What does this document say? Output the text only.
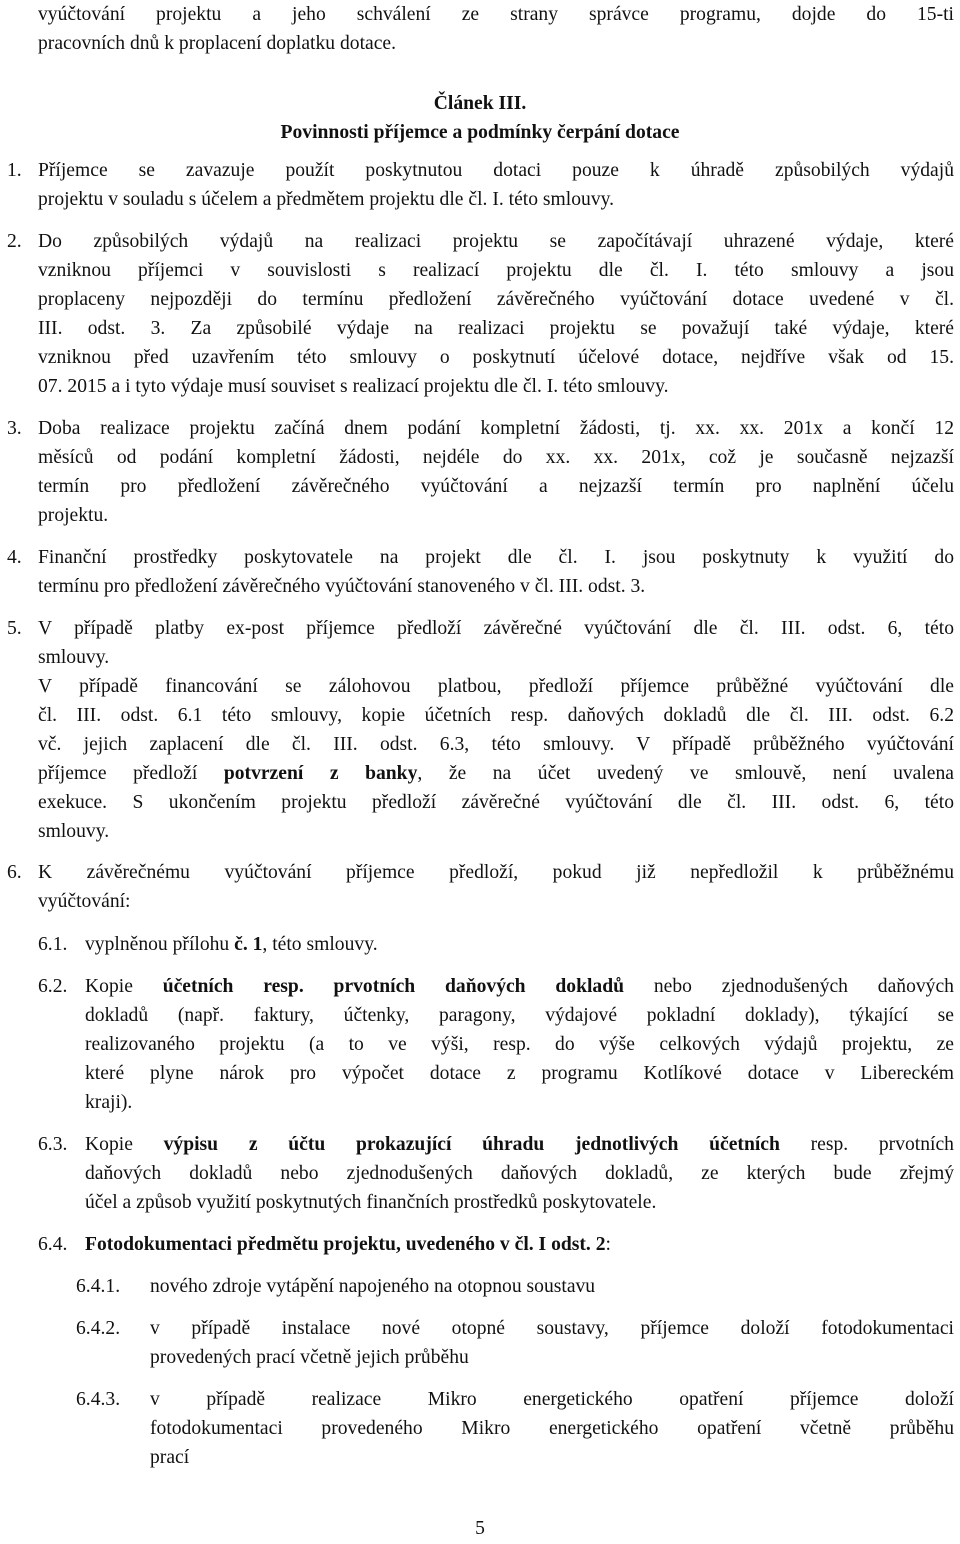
vyúčtování projektu a jeho schválení ze strany správce programu, dojde do 15-ti
pracovních dnů k proplacení doplatku dotace.
Článek III.
Povinnosti příjemce a podmínky čerpání dotace
1. Příjemce se zavazuje použít poskytnutou dotaci pouze k úhradě způsobilých výdajů
projektu v souladu s účelem a předmětem projektu dle čl. I. této smlouvy.
2. Do způsobilých výdajů na realizaci projektu se započítávají uhrazené výdaje, které
vzniknou příjemci v souvislosti s realizací projektu dle čl. I. této smlouvy a jsou
proplaceny nejpozději do termínu předložení závěrečného vyúčtování dotace uvedené v čl.
III. odst. 3. Za způsobilé výdaje na realizaci projektu se považují také výdaje, které
vzniknou před uzavřením této smlouvy o poskytnutí účelové dotace, nejdříve však od 15.
07. 2015 a i tyto výdaje musí souviset s realizací projektu dle čl. I. této smlouvy.
3. Doba realizace projektu začíná dnem podání kompletní žádosti, tj. xx. xx. 201x a končí 12
měsíců od podání kompletní žádosti, nejdéle do xx. xx. 201x, což je současně nejzazší
termín pro předložení závěrečného vyúčtování a nejzazší termín pro naplnění účelu
projektu.
4. Finanční prostředky poskytovatele na projekt dle čl. I. jsou poskytnuty k využití do
termínu pro předložení závěrečného vyúčtování stanoveného v čl. III. odst. 3.
5. V případě platby ex-post příjemce předloží závěrečné vyúčtování dle čl. III. odst. 6, této
smlouvy.
V případě financování se zálohovou platbou, předloží příjemce průběžné vyúčtování dle
čl. III. odst. 6.1 této smlouvy, kopie účetních resp. daňových dokladů dle čl. III. odst. 6.2
vč. jejich zaplacení dle čl. III. odst. 6.3, této smlouvy. V případě průběžného vyúčtování
příjemce předloží potvrzení z banky, že na účet uvedený ve smlouvě, není uvalena
exekuce. S ukončením projektu předloží závěrečné vyúčtování dle čl. III. odst. 6, této
smlouvy.
6. K závěrečnému vyúčtování příjemce předloží, pokud již nepředložil k průběžnému
vyúčtování:
6.1. vyplněnou přílohu č. 1, této smlouvy.
6.2. Kopie účetních resp. prvotních daňových dokladů nebo zjednodušených daňových
dokladů (např. faktury, účtenky, paragony, výdajové pokladní doklady), týkající se
realizovaného projektu (a to ve výši, resp. do výše celkových výdajů projektu, ze
které plyne nárok pro výpočet dotace z programu Kotlíkové dotace v Libereckém
kraji).
6.3. Kopie výpisu z účtu prokazující úhradu jednotlivých účetních resp. prvotních
daňových dokladů nebo zjednodušených daňových dokladů, ze kterých bude zřejmý
účel a způsob využití poskytnutých finančních prostředků poskytovatele.
6.4. Fotodokumentaci předmětu projektu, uvedeného v čl. I odst. 2:
6.4.1. nového zdroje vytápění napojeného na otopnou soustavu
6.4.2. v případě instalace nové otopné soustavy, příjemce doloží fotodokumentaci
provedených prací včetně jejich průběhu
6.4.3. v případě realizace Mikro energetického opatření příjemce doloží
fotodokumentaci provedeného Mikro energetického opatření včetně průběhu
prací
5
